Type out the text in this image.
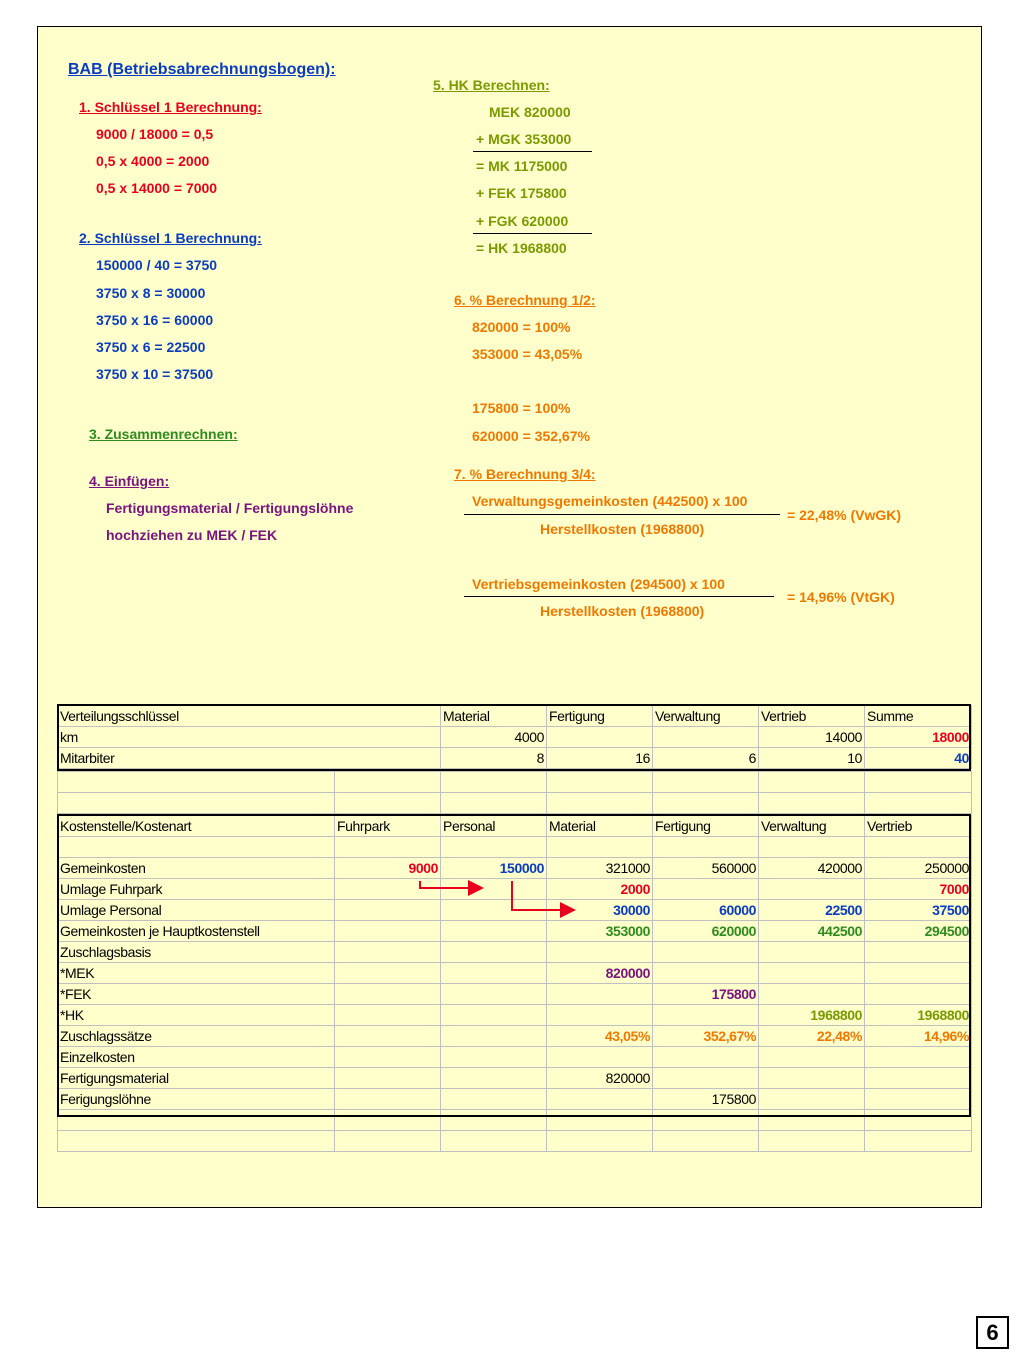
BAB (Betriebsabrechnungsbogen):
1. Schlüssel 1 Berechnung:
9000 / 18000 = 0,5
0,5 x 4000 = 2000
0,5 x 14000 = 7000
2. Schlüssel 1 Berechnung:
150000 / 40 = 3750
3750 x 8 = 30000
3750 x 16 = 60000
3750 x 6 = 22500
3750 x 10 = 37500
3. Zusammenrechnen:
4. Einfügen:
Fertigungsmaterial / Fertigungslöhne
hochziehen zu MEK / FEK
5. HK Berechnen:
MEK 820000
+ MGK 353000
= MK 1175000
+ FEK 175800
+ FGK 620000
= HK 1968800
6. % Berechnung 1/2:
820000 = 100%
353000 = 43,05%
175800 = 100%
620000 = 352,67%
7. % Berechnung 3/4:
Verwaltungsgemeinkosten (442500) x 100
Herstellkosten (1968800)
= 22,48% (VwGK)
Vertriebsgemeinkosten (294500) x 100
Herstellkosten (1968800)
= 14,96% (VtGK)
Verteilungsschlüssel	Material	Fertigung	Verwaltung	Vertrieb	Summe
km	4000			14000	18000
Mitarbiter	8	16	6	10	40

Kostenstelle/Kostenart	Fuhrpark	Personal	Material	Fertigung	Verwaltung	Vertrieb

Gemeinkosten	9000	150000	321000	560000	420000	250000
Umlage Fuhrpark			2000			7000
Umlage Personal			30000	60000	22500	37500
Gemeinkosten je Hauptkostenstell			353000	620000	442500	294500
Zuschlagsbasis						
*MEK			820000			
*FEK				175800		
*HK					1968800	1968800
Zuschlagssätze			43,05%	352,67%	22,48%	14,96%
Einzelkosten						
Fertigungsmaterial			820000			
Ferigungslöhne				175800		

6
